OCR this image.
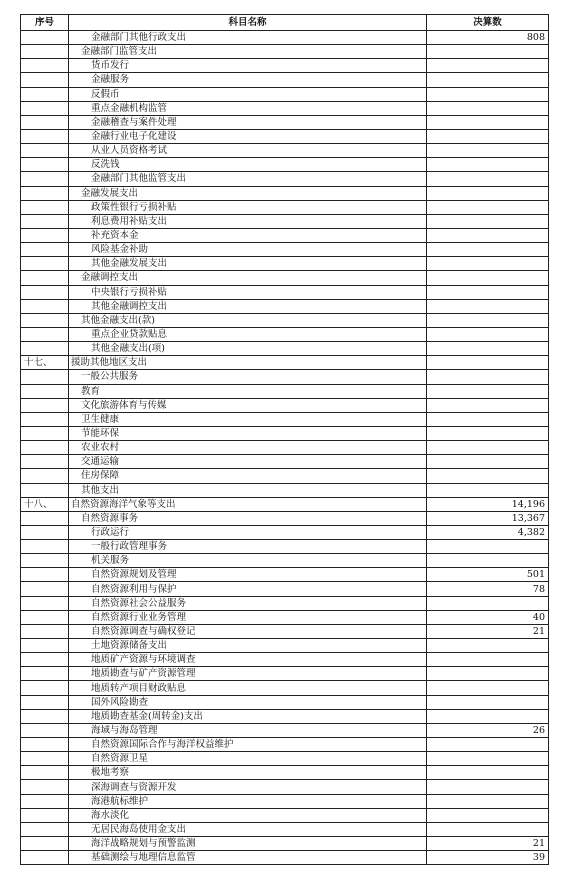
序号	科目名称	决算数
	金融部门其他行政支出	808
	金融部门监管支出	
	货币发行	
	金融服务	
	反假币	
	重点金融机构监管	
	金融稽查与案件处理	
	金融行业电子化建设	
	从业人员资格考试	
	反洗钱	
	金融部门其他监管支出	
	金融发展支出	
	政策性银行亏损补贴	
	利息费用补贴支出	
	补充资本金	
	风险基金补助	
	其他金融发展支出	
	金融调控支出	
	中央银行亏损补贴	
	其他金融调控支出	
	其他金融支出(款)	
	重点企业贷款贴息	
	其他金融支出(项)	
十七、	援助其他地区支出	
	一般公共服务	
	教育	
	文化旅游体育与传媒	
	卫生健康	
	节能环保	
	农业农村	
	交通运输	
	住房保障	
	其他支出	
十八、	自然资源海洋气象等支出	14,196
	自然资源事务	13,367
	行政运行	4,382
	一般行政管理事务	
	机关服务	
	自然资源规划及管理	501
	自然资源利用与保护	78
	自然资源社会公益服务	
	自然资源行业业务管理	40
	自然资源调查与确权登记	21
	土地资源储备支出	
	地质矿产资源与环境调查	
	地质勘查与矿产资源管理	
	地质转产项目财政贴息	
	国外风险勘查	
	地质勘查基金(周转金)支出	
	海域与海岛管理	26
	自然资源国际合作与海洋权益维护	
	自然资源卫星	
	极地考察	
	深海调查与资源开发	
	海港航标维护	
	海水淡化	
	无居民海岛使用金支出	
	海洋战略规划与预警监测	21
	基础测绘与地理信息监管	39
